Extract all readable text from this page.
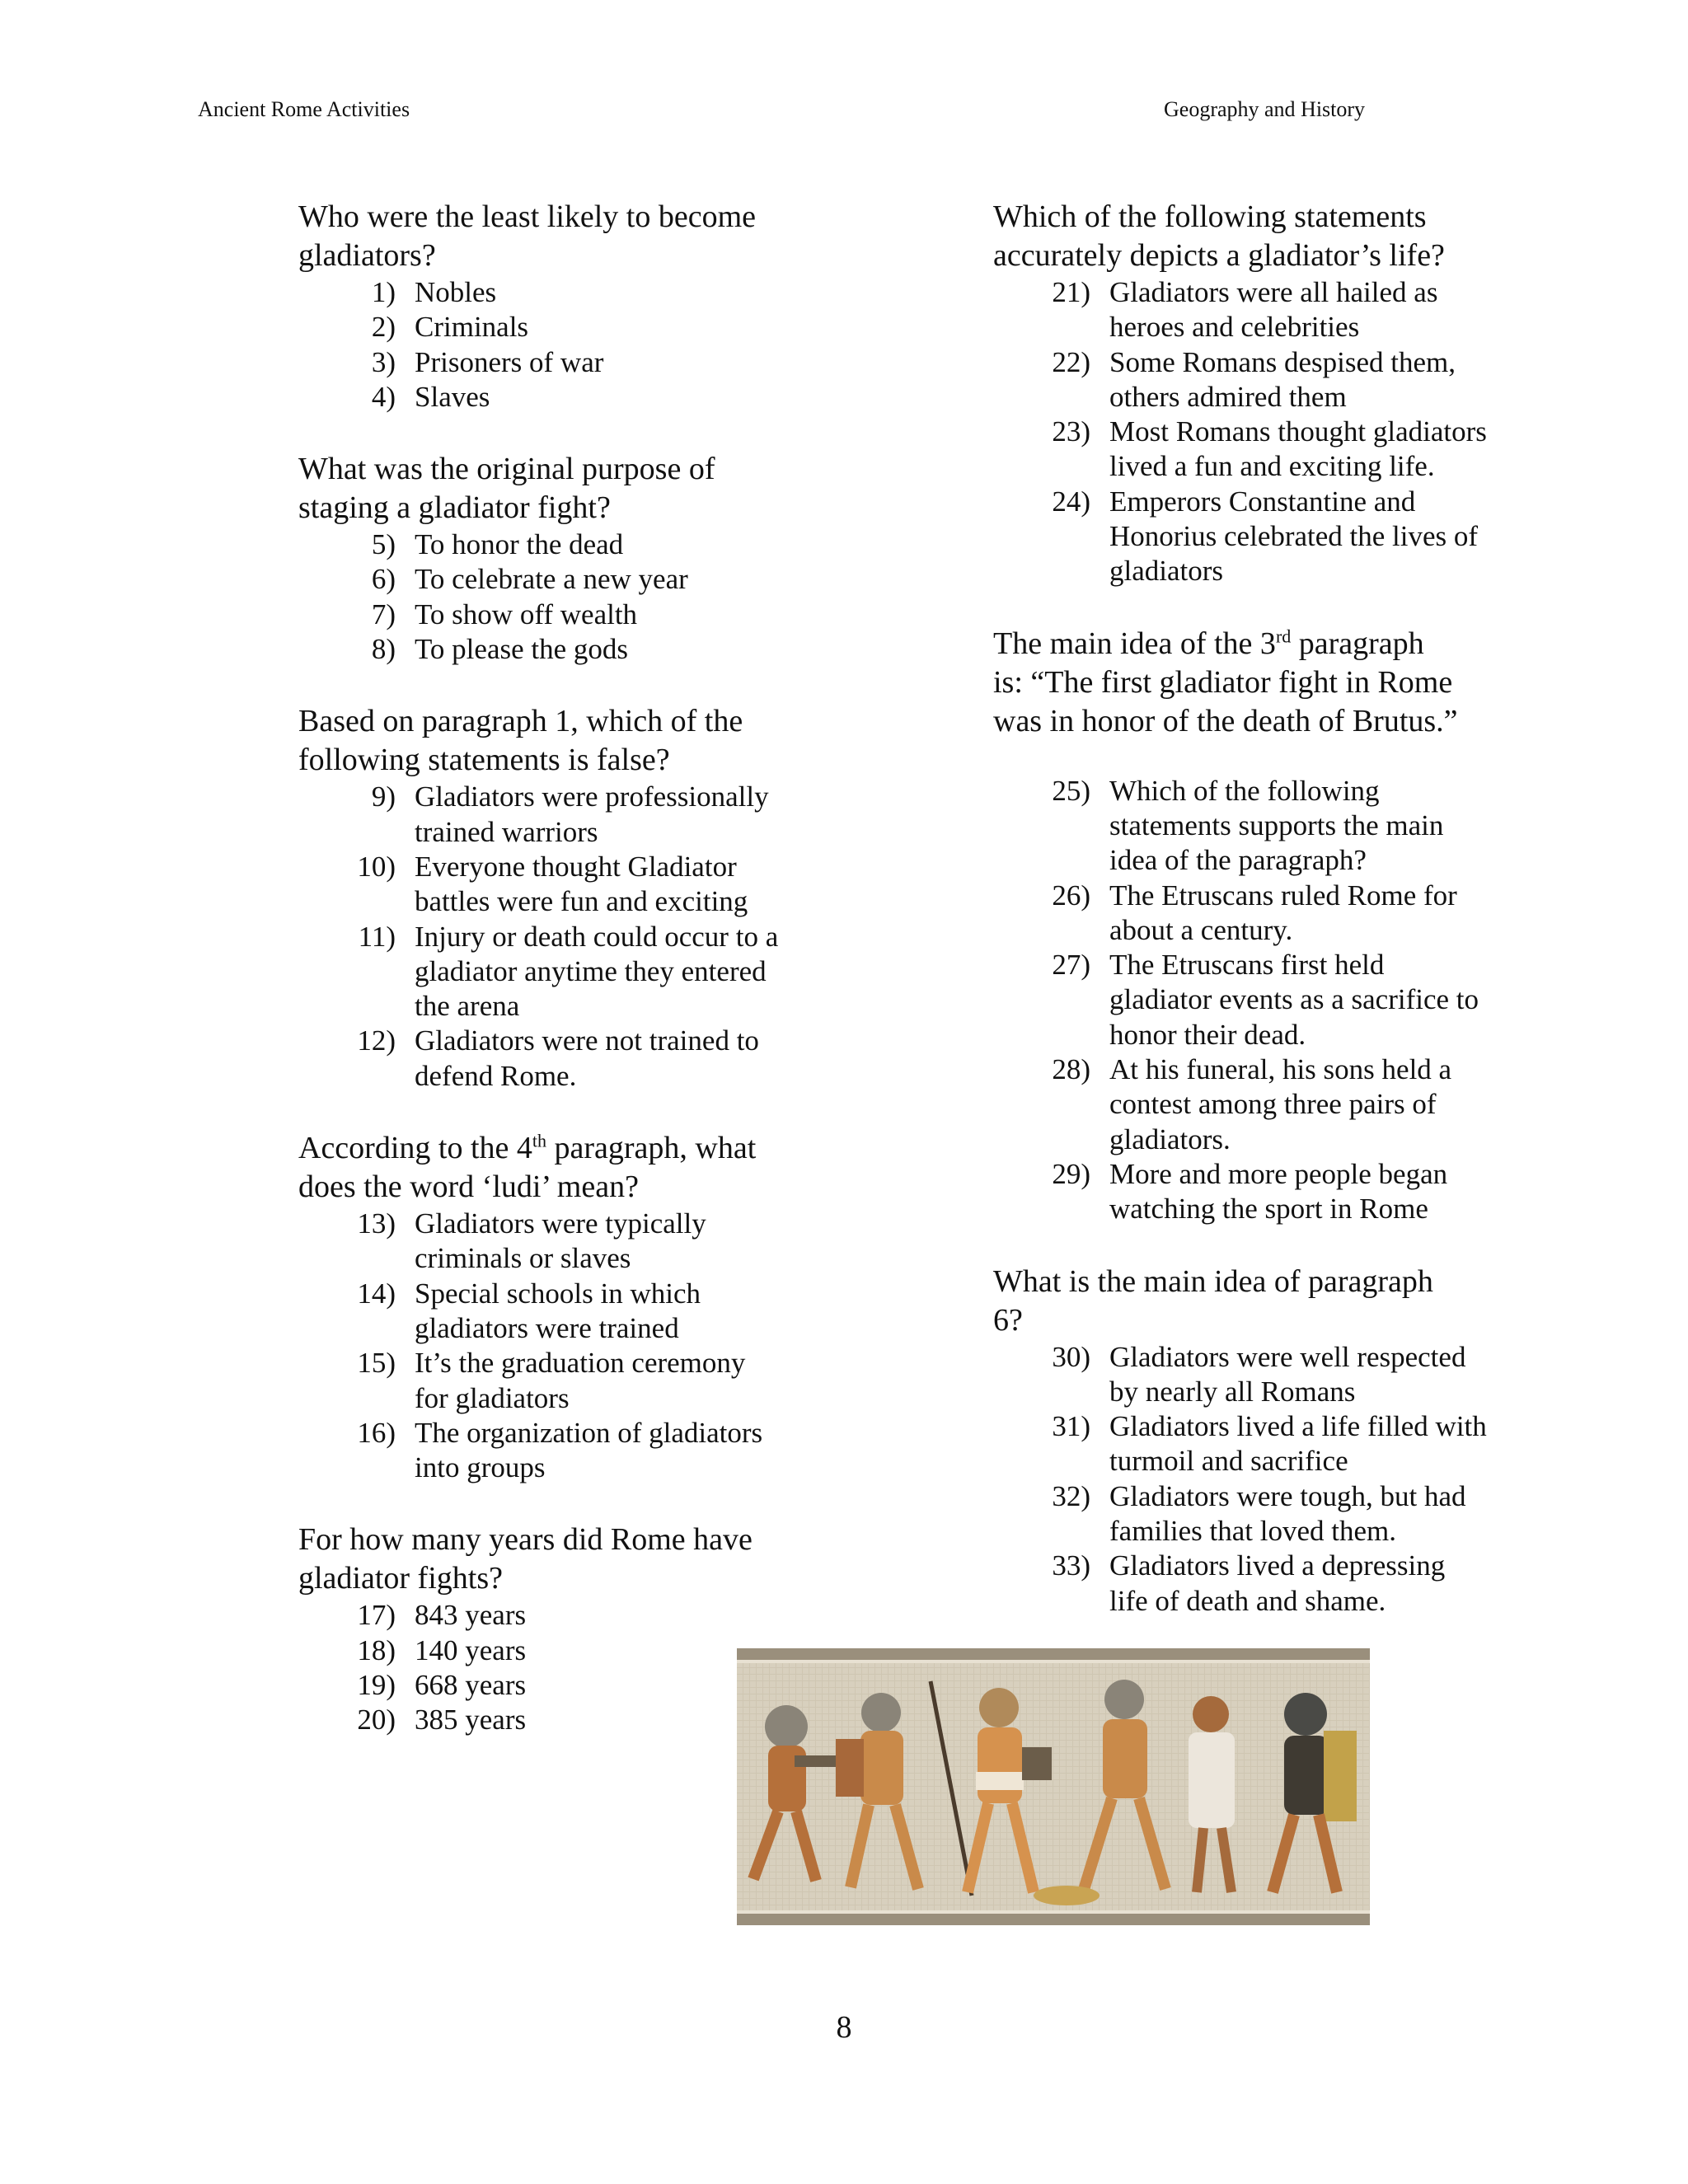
Ancient Rome Activities	Geography and History
Who were the least likely to become
gladiators?
1) Nobles
2) Criminals
3) Prisoners of war
4) Slaves
What was the original purpose of
staging a gladiator fight?
5) To honor the dead
6) To celebrate a new year
7) To show off wealth
8) To please the gods
Based on paragraph 1, which of the
following statements is false?
9) Gladiators were professionally
trained warriors
10) Everyone thought Gladiator
battles were fun and exciting
11) Injury or death could occur to a
gladiator anytime they entered
the arena
12) Gladiators were not trained to
defend Rome.
According to the 4th paragraph, what
does the word ‘ludi’ mean?
13) Gladiators were typically
criminals or slaves
14) Special schools in which
gladiators were trained
15) It’s the graduation ceremony
for gladiators
16) The organization of gladiators
into groups
For how many years did Rome have
gladiator fights?
17) 843 years
18) 140 years
19) 668 years
20) 385 years
Which of the following statements
accurately depicts a gladiator’s life?
21) Gladiators were all hailed as
heroes and celebrities
22) Some Romans despised them,
others admired them
23) Most Romans thought gladiators
lived a fun and exciting life.
24) Emperors Constantine and
Honorius celebrated the lives of
gladiators
The main idea of the 3rd paragraph
is: “The first gladiator fight in Rome
was in honor of the death of Brutus.”
25) Which of the following
statements supports the main
idea of the paragraph?
26) The Etruscans ruled Rome for
about a century.
27) The Etruscans first held
gladiator events as a sacrifice to
honor their dead.
28) At his funeral, his sons held a
contest among three pairs of
gladiators.
29) More and more people began
watching the sport in Rome
What is the main idea of paragraph
6?
30) Gladiators were well respected
by nearly all Romans
31) Gladiators lived a life filled with
turmoil and sacrifice
32) Gladiators were tough, but had
families that loved them.
33) Gladiators lived a depressing
life of death and shame.
8
